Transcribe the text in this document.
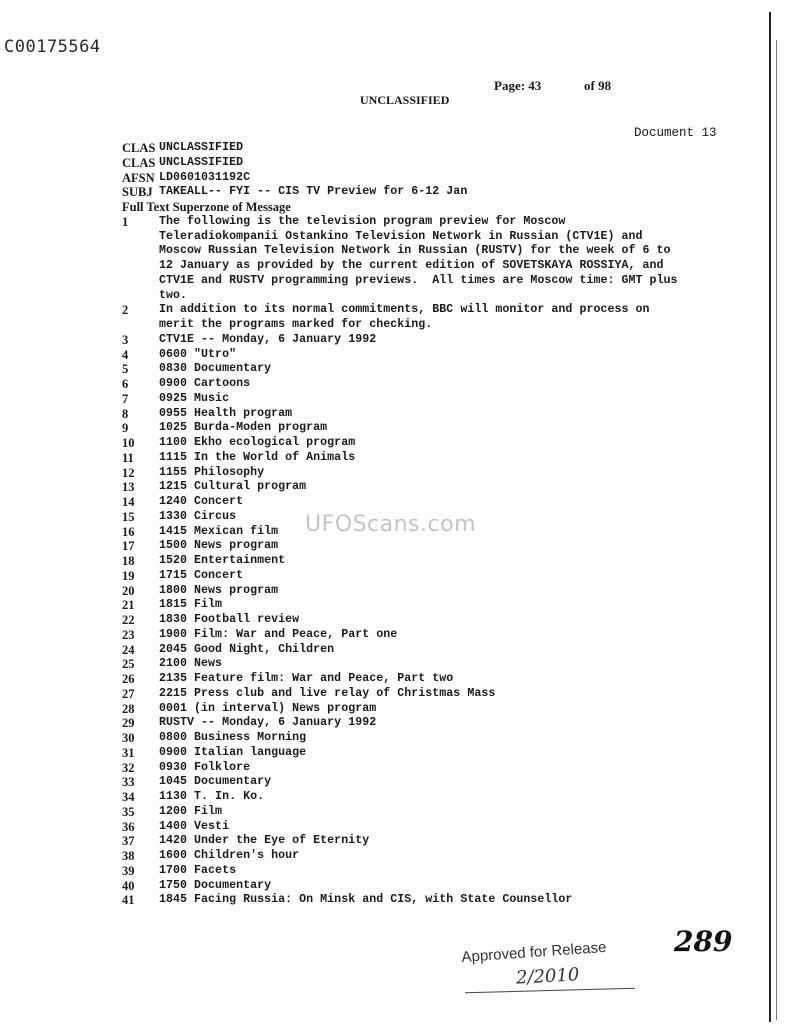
C00175564
Page: 43	of 98
UNCLASSIFIED
Document 13
CLAS UNCLASSIFIED
CLAS UNCLASSIFIED
AFSN LD0601031192C
SUBJ TAKEALL-- FYI -- CIS TV Preview for 6-12 Jan
Full Text Superzone of Message
1	The following is the television program preview for Moscow
Teleradiokompanii Ostankino Television Network in Russian (CTV1E) and
Moscow Russian Television Network in Russian (RUSTV) for the week of 6 to
12 January as provided by the current edition of SOVETSKAYA ROSSIYA, and
CTV1E and RUSTV programming previews.  All times are Moscow time: GMT plus
two.
2	In addition to its normal commitments, BBC will monitor and process on
merit the programs marked for checking.
3	CTV1E -- Monday, 6 January 1992
4	0600 "Utro"
5	0830 Documentary
6	0900 Cartoons
7	0925 Music
8	0955 Health program
9	1025 Burda-Moden program
10	1100 Ekho ecological program
11	1115 In the World of Animals
12	1155 Philosophy
13	1215 Cultural program
14	1240 Concert
15	1330 Circus
16	1415 Mexican film
17	1500 News program
18	1520 Entertainment
19	1715 Concert
20	1800 News program
21	1815 Film
22	1830 Football review
23	1900 Film: War and Peace, Part one
24	2045 Good Night, Children
25	2100 News
26	2135 Feature film: War and Peace, Part two
27	2215 Press club and live relay of Christmas Mass
28	0001 (in interval) News program
29	RUSTV -- Monday, 6 January 1992
30	0800 Business Morning
31	0900 Italian language
32	0930 Folklore
33	1045 Documentary
34	1130 T. In. Ko.
35	1200 Film
36	1400 Vesti
37	1420 Under the Eye of Eternity
38	1600 Children's hour
39	1700 Facets
40	1750 Documentary
41	1845 Facing Russia: On Minsk and CIS, with State Counsellor
UFOScans.com
Approved for Release
2/2010
289
